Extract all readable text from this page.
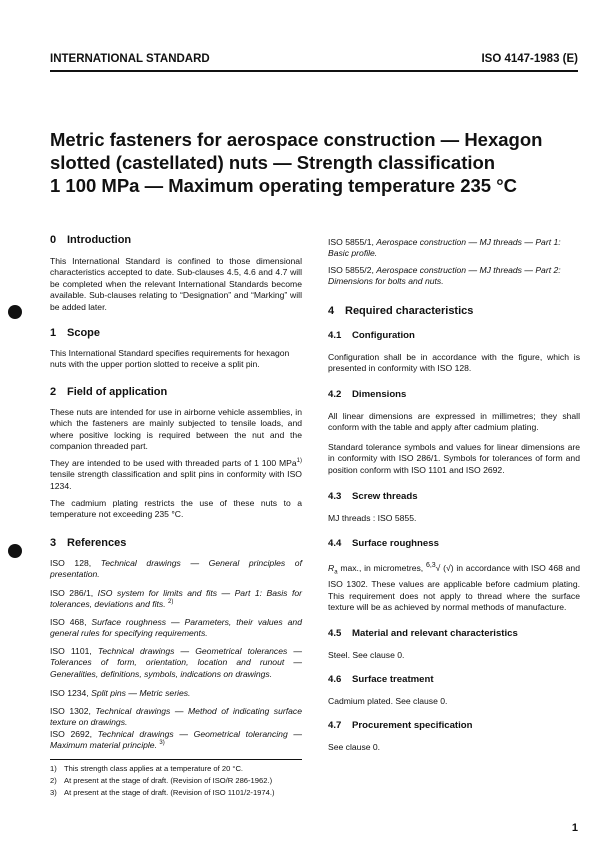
INTERNATIONAL STANDARD	ISO 4147-1983 (E)
Metric fasteners for aerospace construction — Hexagon
slotted (castellated) nuts — Strength classification
1 100 MPa — Maximum operating temperature 235 °C
0 Introduction

This International Standard is confined to those dimensional characteristics accepted to date. Sub-clauses 4.5, 4.6 and 4.7 will be completed when the relevant International Standards become available. Sub-clauses relating to “Designation” and “Marking” will be added later.

1 Scope

This International Standard specifies requirements for hexagon nuts with the upper portion slotted to receive a split pin.

2 Field of application

These nuts are intended for use in airborne vehicle assemblies, in which the fasteners are mainly subjected to tensile loads, and where positive locking is required between the nut and the companion threaded part.

They are intended to be used with threaded parts of 1 100 MPa$^{1)}$ tensile strength classification and split pins in conformity with ISO 1234.

The cadmium plating restricts the use of these nuts to a temperature not exceeding 235 °C.

3 References

ISO 128, Technical drawings — General principles of presentation.

ISO 286/1, ISO system for limits and fits — Part 1: Basis for tolerances, deviations and fits. $^{2)}$

ISO 468, Surface roughness — Parameters, their values and general rules for specifying requirements.

ISO 1101, Technical drawings — Geometrical tolerances — Tolerances of form, orientation, location and runout — Generalities, definitions, symbols, indications on drawings.

ISO 1234, Split pins — Metric series.

ISO 1302, Technical drawings — Method of indicating surface texture on drawings.

ISO 2692, Technical drawings — Geometrical tolerancing — Maximum material principle. $^{3)}$

1) This strength class applies at a temperature of 20 °C.
2) At present at the stage of draft. (Revision of ISO/R 286-1962.)
3) At present at the stage of draft. (Revision of ISO 1101/2-1974.)

ISO 5855/1, Aerospace construction — MJ threads — Part 1: Basic profile.

ISO 5855/2, Aerospace construction — MJ threads — Part 2: Dimensions for bolts and nuts.

4 Required characteristics
4.1 Configuration

Configuration shall be in accordance with the figure, which is presented in conformity with ISO 128.

4.2 Dimensions

All linear dimensions are expressed in millimetres; they shall conform with the table and apply after cadmium plating.

Standard tolerance symbols and values for linear dimensions are in conformity with ISO 286/1. Symbols for tolerances of form and position conform with ISO 1101 and ISO 2692.

4.3 Screw threads

MJ threads : ISO 5855.

4.4 Surface roughness

$R_a$ max., in micrometres, 6,3√ (√) in accordance with ISO 468 and ISO 1302. These values are applicable before cadmium plating. This requirement does not apply to thread where the surface texture will be as achieved by normal methods of manufacture.

4.5 Material and relevant characteristics

Steel. See clause 0.

4.6 Surface treatment

Cadmium plated. See clause 0.

4.7 Procurement specification

See clause 0.

1
